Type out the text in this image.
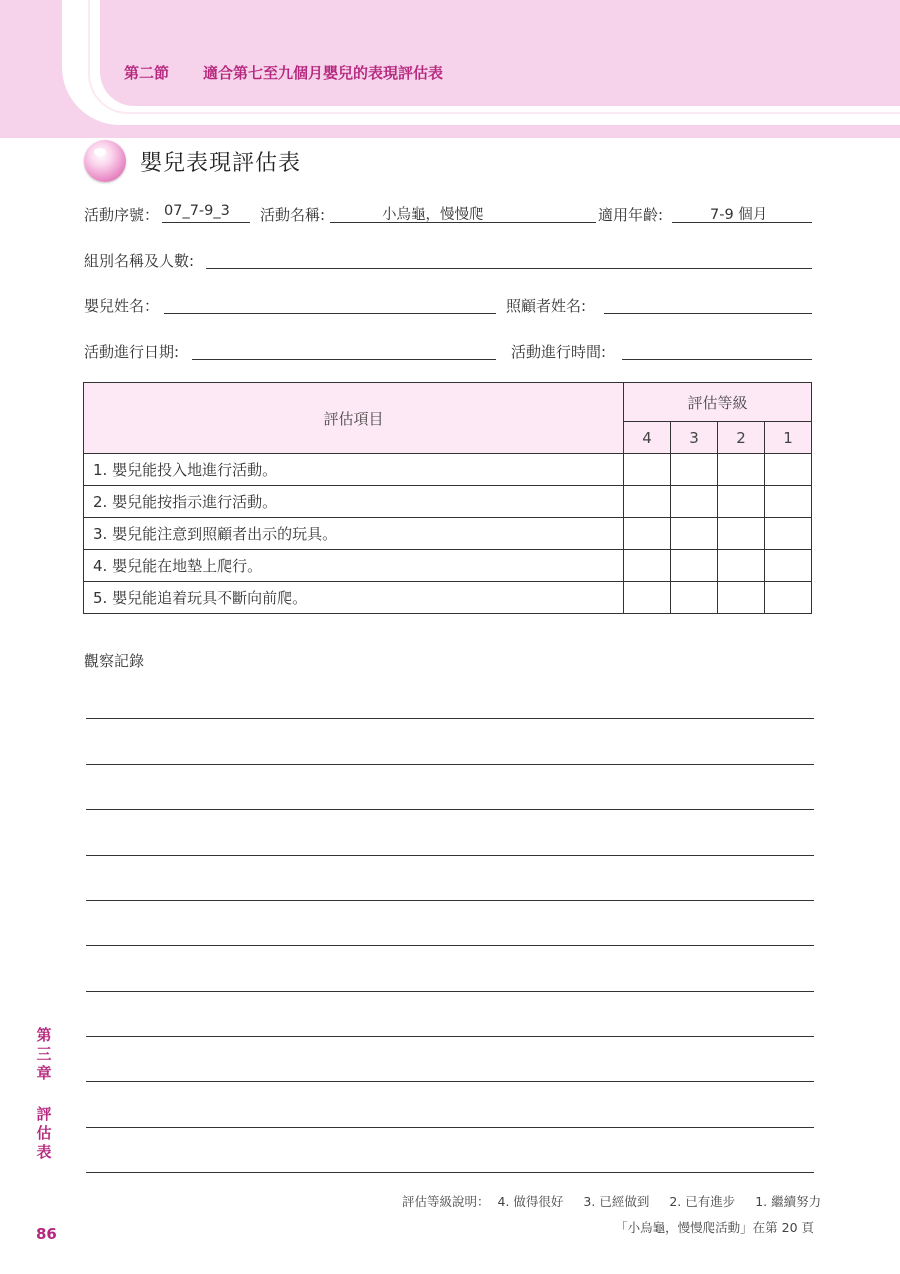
第二節 適合第七至九個月嬰兒的表現評估表
嬰兒表現評估表
活動序號： 07_7-9_3 活動名稱:	小烏龜，慢慢爬	適用年齡:	7-9 個月
組別名稱及人數:
嬰兒姓名：	照顧者姓名:
活動進行日期:	活動進行時間:
評估項目	評估等級			
	4	3	2	1
1. 嬰兒能投入地進行活動。				
2. 嬰兒能按指示進行活動。				
3. 嬰兒能注意到照顧者出示的玩具。				
4. 嬰兒能在地墊上爬行。				
5. 嬰兒能追着玩具不斷向前爬。				
觀察記錄
評估等級說明： 4. 做得很好 3. 已經做到 2. 已有進步 1. 繼續努力
「小烏龜，慢慢爬活動」在第 20 頁
第
三
章
評
估
表
86
